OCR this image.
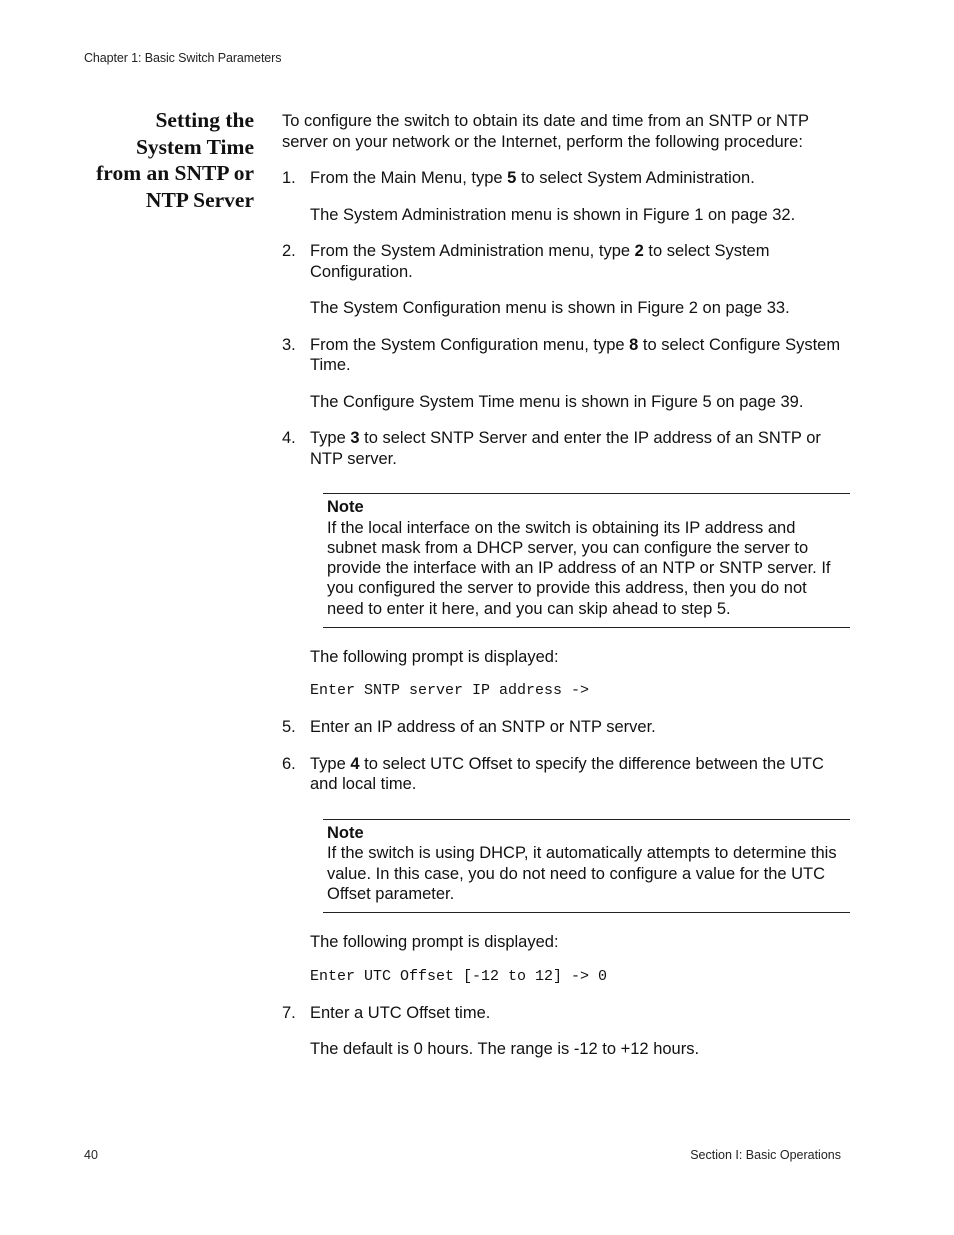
Chapter 1: Basic Switch Parameters
Setting the
System Time
from an SNTP or
NTP Server

To configure the switch to obtain its date and time from an SNTP or NTP server on your network or the Internet, perform the following procedure:

1. From the Main Menu, type 5 to select System Administration.

The System Administration menu is shown in Figure 1 on page 32.

2. From the System Administration menu, type 2 to select System Configuration.

The System Configuration menu is shown in Figure 2 on page 33.

3. From the System Configuration menu, type 8 to select Configure System Time.

The Configure System Time menu is shown in Figure 5 on page 39.

4. Type 3 to select SNTP Server and enter the IP address of an SNTP or NTP server.
Note
If the local interface on the switch is obtaining its IP address and subnet mask from a DHCP server, you can configure the server to provide the interface with an IP address of an NTP or SNTP server. If you configured the server to provide this address, then you do not need to enter it here, and you can skip ahead to step 5.

The following prompt is displayed:

Enter SNTP server IP address ->
5. Enter an IP address of an SNTP or NTP server.
6. Type 4 to select UTC Offset to specify the difference between the UTC and local time.
Note
If the switch is using DHCP, it automatically attempts to determine this value. In this case, you do not need to configure a value for the UTC Offset parameter.

The following prompt is displayed:

Enter UTC Offset [-12 to 12] -> 0
7. Enter a UTC Offset time.

The default is 0 hours. The range is -12 to +12 hours.

40	Section I: Basic Operations
